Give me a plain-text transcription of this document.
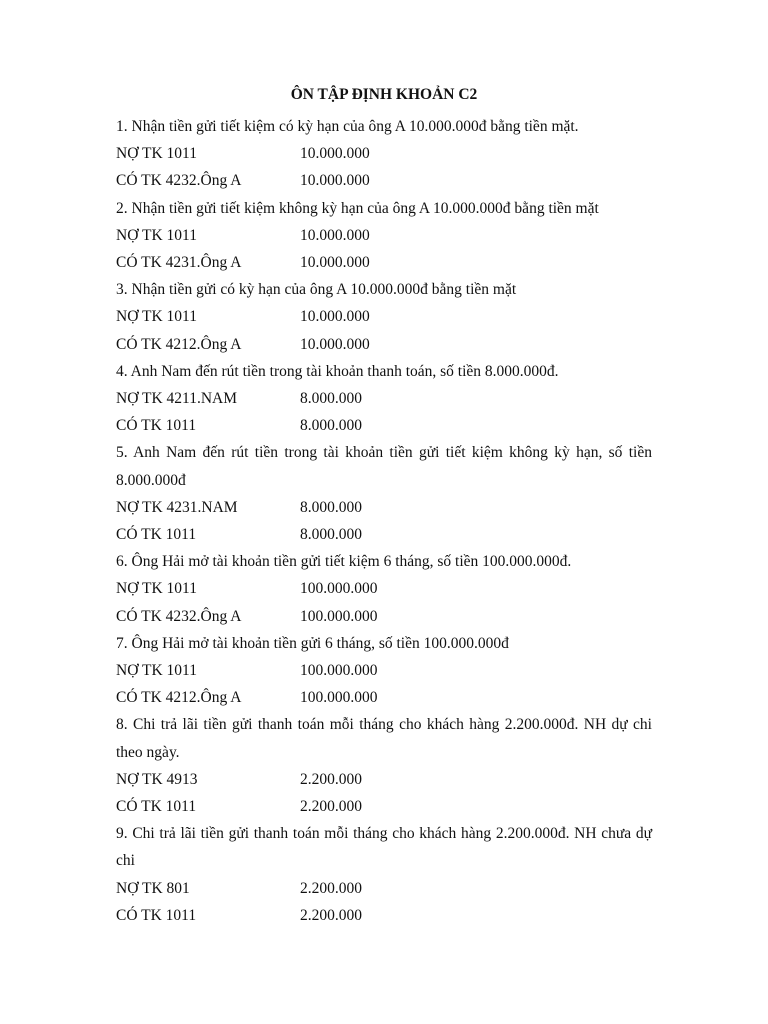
ÔN TẬP ĐỊNH KHOẢN C2

1. Nhận tiền gửi tiết kiệm có kỳ hạn của ông A 10.000.000đ bằng tiền mặt.

NỢ TK 1011	10.000.000
CÓ TK 4232.Ông A	10.000.000

2. Nhận tiền gửi tiết kiệm không kỳ hạn của ông A 10.000.000đ bằng tiền mặt

NỢ TK 1011	10.000.000
CÓ TK 4231.Ông A	10.000.000

3. Nhận tiền gửi có kỳ hạn của ông A 10.000.000đ bằng tiền mặt

NỢ TK 1011	10.000.000
CÓ TK 4212.Ông A	10.000.000

4. Anh Nam đến rút tiền trong tài khoản thanh toán, số tiền 8.000.000đ.

NỢ TK 4211.NAM	8.000.000
CÓ TK 1011	8.000.000

5. Anh Nam đến rút tiền trong tài khoản tiền gửi tiết kiệm không kỳ hạn, số tiền 8.000.000đ

NỢ TK 4231.NAM	8.000.000
CÓ TK 1011	8.000.000

6. Ông Hải mở tài khoản tiền gửi tiết kiệm 6 tháng, số tiền 100.000.000đ.

NỢ TK 1011	100.000.000
CÓ TK 4232.Ông A	100.000.000

7. Ông Hải mở tài khoản tiền gửi 6 tháng, số tiền 100.000.000đ

NỢ TK 1011	100.000.000
CÓ TK 4212.Ông A	100.000.000

8. Chi trả lãi tiền gửi thanh toán mỗi tháng cho khách hàng 2.200.000đ. NH dự chi theo ngày.

NỢ TK 4913	2.200.000
CÓ TK 1011	2.200.000

9. Chi trả lãi tiền gửi thanh toán mỗi tháng cho khách hàng 2.200.000đ. NH chưa dự chi

NỢ TK 801	2.200.000
CÓ TK 1011	2.200.000
